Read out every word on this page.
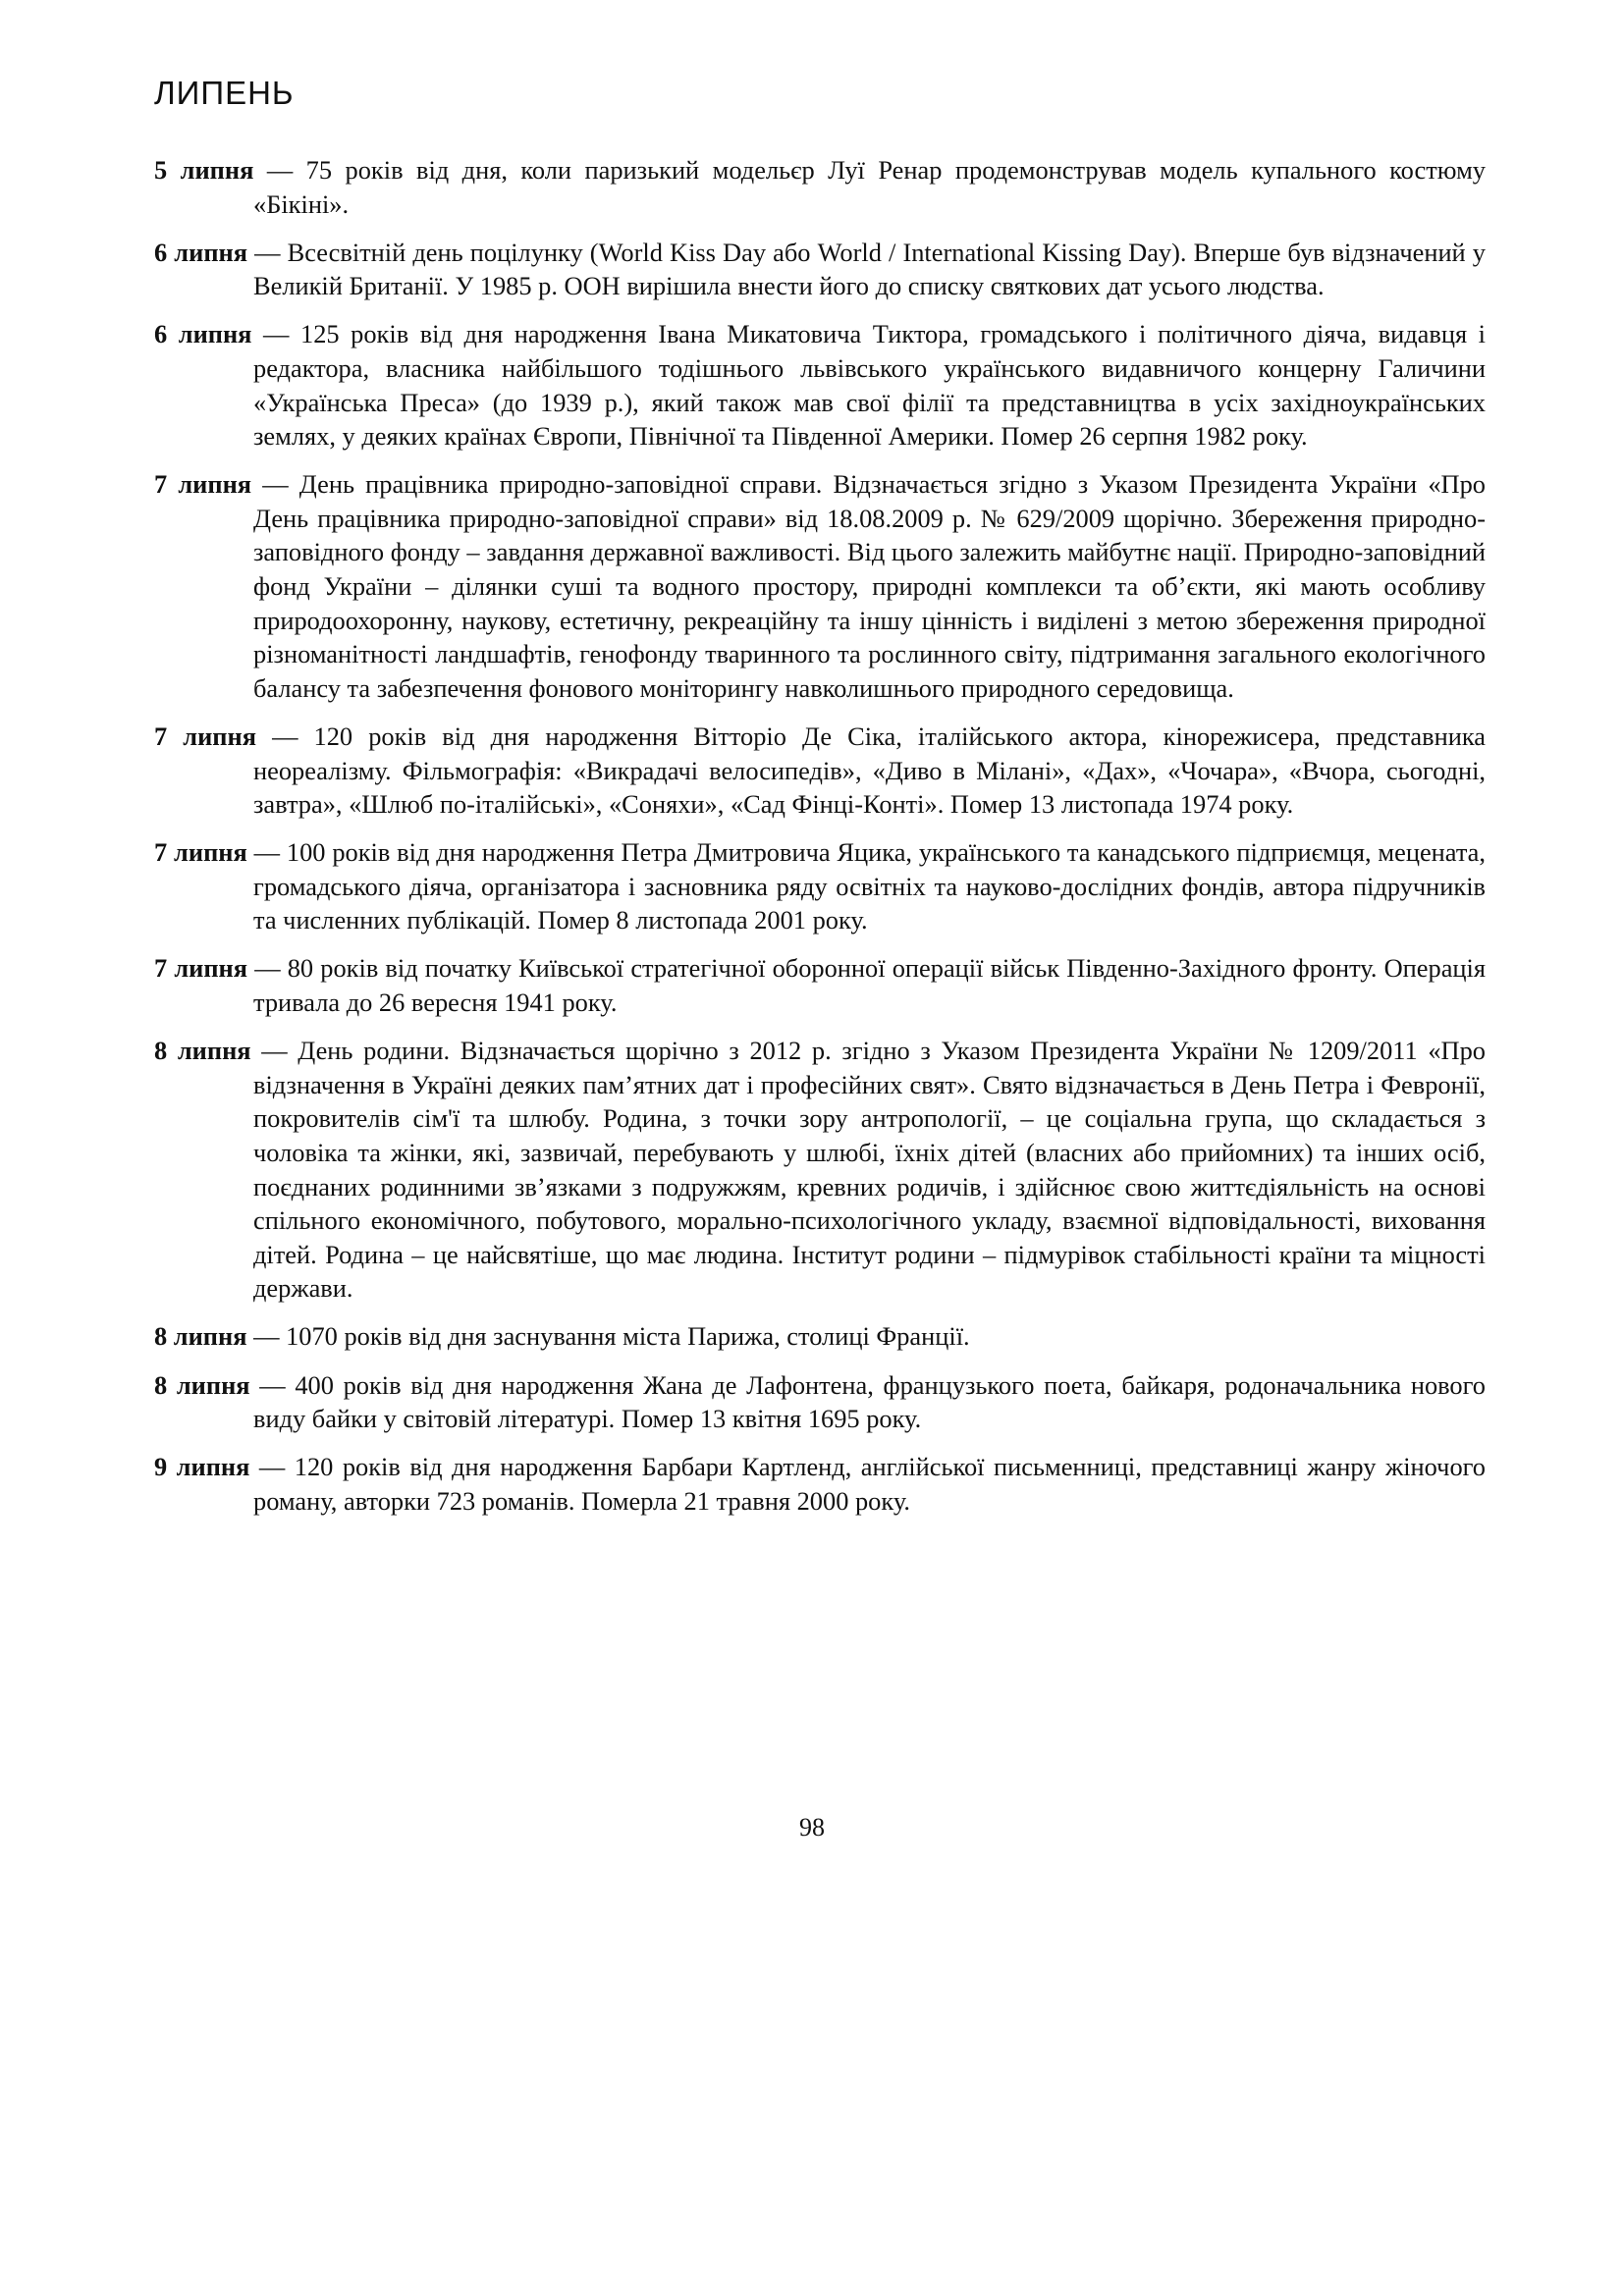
ЛИПЕНЬ
5 липня — 75 років від дня, коли паризький модельєр Луї Ренар продемонстрував модель купального костюму «Бікіні».
6 липня — Всесвітній день поцілунку (World Kiss Day або World / International Kissing Day). Вперше був відзначений у Великій Британії. У 1985 р. ООН вирішила внести його до списку святкових дат усього людства.
6 липня — 125 років від дня народження Івана Микатовича Тиктора, громадського і політичного діяча, видавця і редактора, власника найбільшого тодішнього львівського українського видавничого концерну Галичини «Українська Преса» (до 1939 р.), який також мав свої філії та представництва в усіх західноукраїнських землях, у деяких країнах Європи, Північної та Південної Америки. Помер 26 серпня 1982 року.
7 липня — День працівника природно-заповідної справи. Відзначається згідно з Указом Президента України «Про День працівника природно-заповідної справи» від 18.08.2009 р. № 629/2009 щорічно. Збереження природно-заповідного фонду – завдання державної важливості. Від цього залежить майбутнє нації. Природно-заповідний фонд України – ділянки суші та водного простору, природні комплекси та об’єкти, які мають особливу природоохоронну, наукову, естетичну, рекреаційну та іншу цінність і виділені з метою збереження природної різноманітності ландшафтів, генофонду тваринного та рослинного світу, підтримання загального екологічного балансу та забезпечення фонового моніторингу навколишнього природного середовища.
7 липня — 120 років від дня народження Вітторіо Де Сіка, італійського актора, кінорежисера, представника неореалізму. Фільмографія: «Викрадачі велосипедів», «Диво в Мілані», «Дах», «Чочара», «Вчора, сьогодні, завтра», «Шлюб по-італійські», «Соняхи», «Сад Фінці-Конті». Помер 13 листопада 1974 року.
7 липня — 100 років від дня народження Петра Дмитровича Яцика, українського та канадського підприємця, мецената, громадського діяча, організатора і засновника ряду освітніх та науково-дослідних фондів, автора підручників та численних публікацій. Помер 8 листопада 2001 року.
7 липня — 80 років від початку Київської стратегічної оборонної операції військ Південно-Західного фронту. Операція тривала до 26 вересня 1941 року.
8 липня — День родини. Відзначається щорічно з 2012 р. згідно з Указом Президента України № 1209/2011 «Про відзначення в Україні деяких пам’ятних дат і професійних свят». Свято відзначається в День Петра і Февронії, покровителів сім'ї та шлюбу. Родина, з точки зору антропології, – це соціальна група, що складається з чоловіка та жінки, які, зазвичай, перебувають у шлюбі, їхніх дітей (власних або прийомних) та інших осіб, поєднаних родинними зв’язками з подружжям, кревних родичів, і здійснює свою життєдіяльність на основі спільного економічного, побутового, морально-психологічного укладу, взаємної відповідальності, виховання дітей. Родина – це найсвятіше, що має людина. Інститут родини – підмурівок стабільності країни та міцності держави.
8 липня — 1070 років від дня заснування міста Парижа, столиці Франції.
8 липня — 400 років від дня народження Жана де Лафонтена, французького поета, байкаря, родоначальника нового виду байки у світовій літературі. Помер 13 квітня 1695 року.
9 липня — 120 років від дня народження Барбари Картленд, англійської письменниці, представниці жанру жіночого роману, авторки 723 романів. Померла 21 травня 2000 року.
98
